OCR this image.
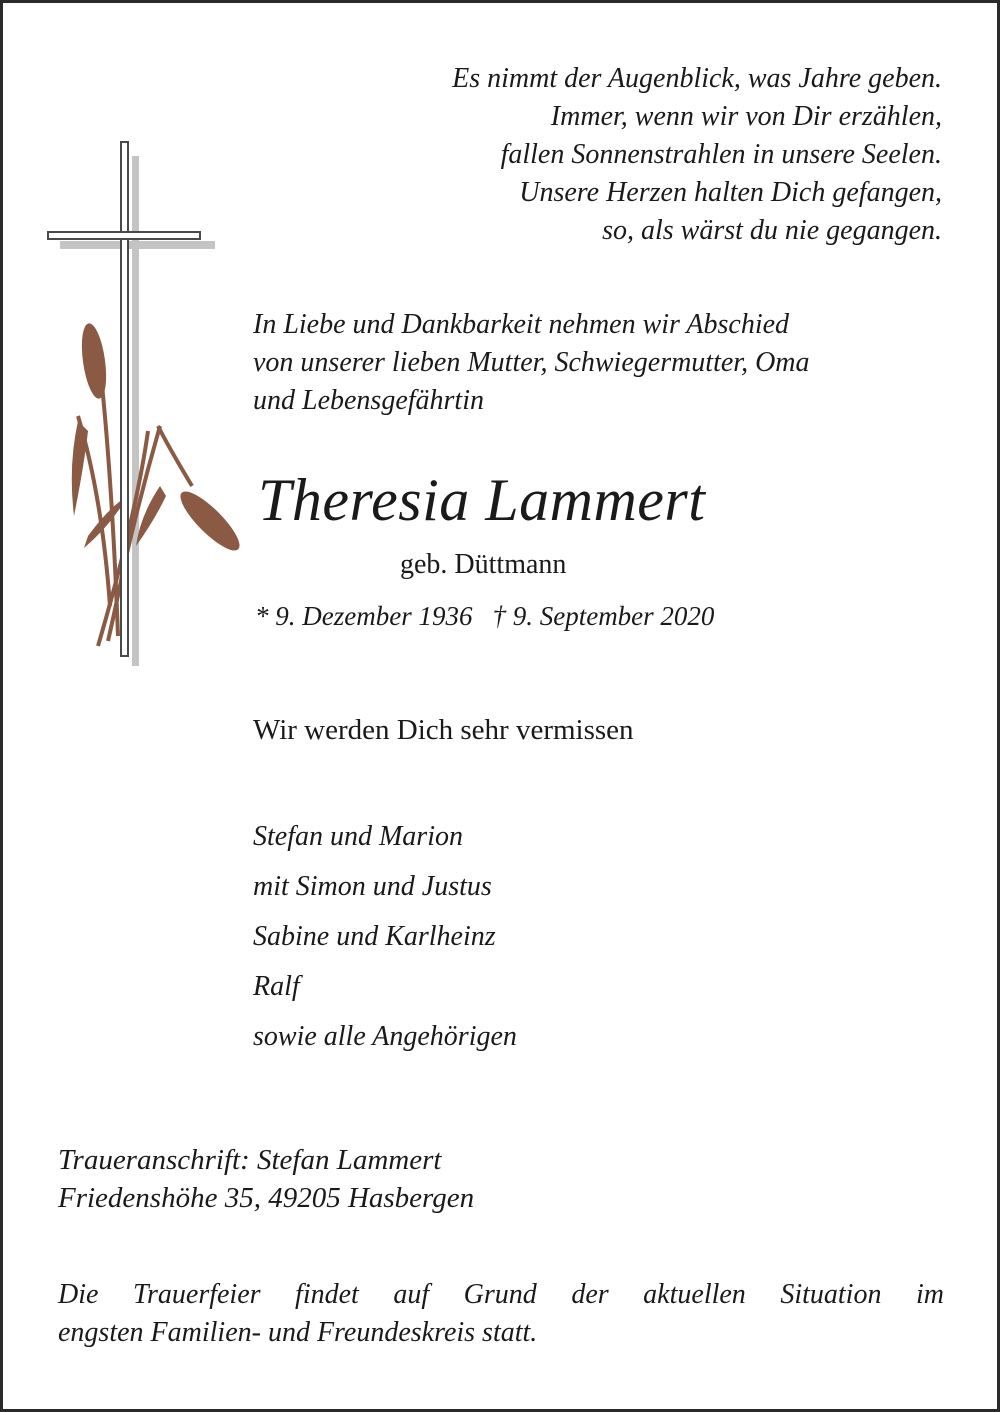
Es nimmt der Augenblick, was Jahre geben.
Immer, wenn wir von Dir erzählen,
fallen Sonnenstrahlen in unsere Seelen.
Unsere Herzen halten Dich gefangen,
so, als wärst du nie gegangen.
In Liebe und Dankbarkeit nehmen wir Abschied
von unserer lieben Mutter, Schwiegermutter, Oma
und Lebensgefährtin
Theresia Lammert
geb. Düttmann
* 9. Dezember 1936 † 9. September 2020
Wir werden Dich sehr vermissen
Stefan und Marion
mit Simon und Justus
Sabine und Karlheinz
Ralf
sowie alle Angehörigen
Traueranschrift: Stefan Lammert
Friedenshöhe 35, 49205 Hasbergen
Die Trauerfeier findet auf Grund der aktuellen Situation im
engsten Familien- und Freundeskreis statt.
